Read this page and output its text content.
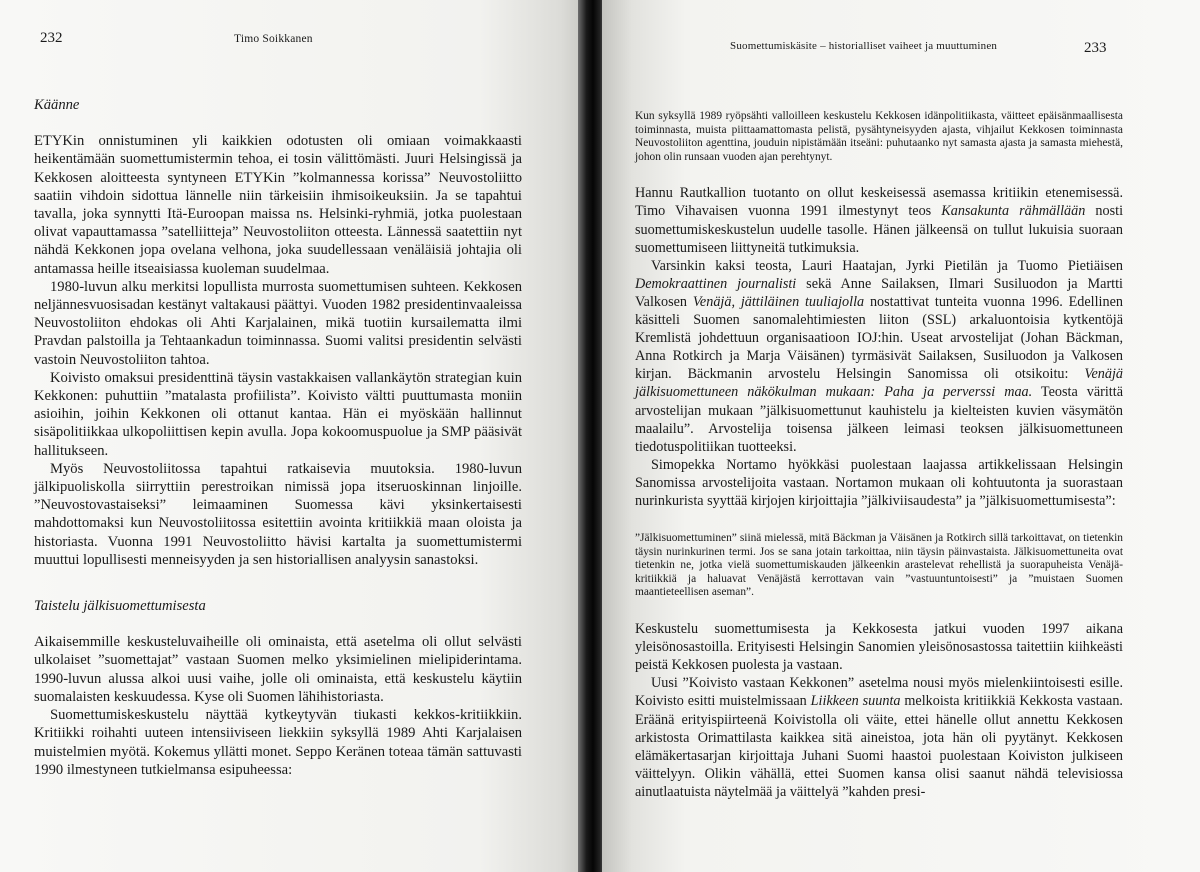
232	Timo Soikkanen
Käänne

ETYKin onnistuminen yli kaikkien odotusten oli omiaan voimakkaasti heikentämään suomettumistermin tehoa, ei tosin välittömästi. Juuri Helsingissä ja Kekkosen aloitteesta syntyneen ETYKin ”kolmannessa korissa” Neuvostoliitto saatiin vihdoin sidottua lännelle niin tärkeisiin ihmisoikeuksiin. Ja se tapahtui tavalla, joka synnytti Itä-Euroopan maissa ns. Helsinki-ryhmiä, jotka puolestaan olivat vapauttamassa ”satelliitteja” Neuvostoliiton otteesta. Lännessä saatettiin nyt nähdä Kekkonen jopa ovelana velhona, joka suudellessaan venäläisiä johtajia oli antamassa heille itseaisiassa kuoleman suudelmaa.

1980-luvun alku merkitsi lopullista murrosta suomettumisen suhteen. Kekkosen neljännesvuosisadan kestänyt valtakausi päättyi. Vuoden 1982 presidentinvaaleissa Neuvostoliiton ehdokas oli Ahti Karjalainen, mikä tuotiin kursailematta ilmi Pravdan palstoilla ja Tehtaankadun toiminnassa. Suomi valitsi presidentin selvästi vastoin Neuvostoliiton tahtoa.

Koivisto omaksui presidenttinä täysin vastakkaisen vallankäytön strategian kuin Kekkonen: puhuttiin ”matalasta profiilista”. Koivisto vältti puuttumasta moniin asioihin, joihin Kekkonen oli ottanut kantaa. Hän ei myöskään hallinnut sisäpolitiikkaa ulkopoliittisen kepin avulla. Jopa kokoomuspuolue ja SMP pääsivät hallitukseen.

Myös Neuvostoliitossa tapahtui ratkaisevia muutoksia. 1980-luvun jälkipuoliskolla siirryttiin perestroikan nimissä jopa itseruoskinnan linjoille. ”Neuvostovastaiseksi” leimaaminen Suomessa kävi yksinkertaisesti mahdottomaksi kun Neuvostoliitossa esitettiin avointa kritiikkiä maan oloista ja historiasta. Vuonna 1991 Neuvostoliitto hävisi kartalta ja suomettumistermi muuttui lopullisesti menneisyyden ja sen historiallisen analyysin sanastoksi.

Taistelu jälkisuomettumisesta

Aikaisemmille keskusteluvaiheille oli ominaista, että asetelma oli ollut selvästi ulkolaiset ”suomettajat” vastaan Suomen melko yksimielinen mielipiderintama. 1990-luvun alussa alkoi uusi vaihe, jolle oli ominaista, että keskustelu käytiin suomalaisten keskuudessa. Kyse oli Suomen lähihistoriasta.

Suomettumiskeskustelu näyttää kytkeytyvän tiukasti kekkos-kritiikkiin. Kritiikki roihahti uuteen intensiiviseen liekkiin syksyllä 1989 Ahti Karjalaisen muistelmien myötä. Kokemus yllätti monet. Seppo Keränen toteaa tämän sattuvasti 1990 ilmestyneen tutkielmansa esipuheessa:

Suomettumiskäsite – historialliset vaiheet ja muuttuminen	233

Kun syksyllä 1989 ryöpsähti valloilleen keskustelu Kekkosen idänpolitiikasta, väitteet epäisänmaallisesta toiminnasta, muista piittaamattomasta pelistä, pysähtyneisyyden ajasta, vihjailut Kekkosen toiminnasta Neuvostoliiton agenttina, jouduin nipistämään itseäni: puhutaanko nyt samasta ajasta ja samasta miehestä, johon olin runsaan vuoden ajan perehtynyt.

Hannu Rautkallion tuotanto on ollut keskeisessä asemassa kritiikin etenemisessä. Timo Vihavaisen vuonna 1991 ilmestynyt teos Kansakunta rähmällään nosti suomettumiskeskustelun uudelle tasolle. Hänen jälkeensä on tullut lukuisia suoraan suomettumiseen liittyneitä tutkimuksia.

Varsinkin kaksi teosta, Lauri Haatajan, Jyrki Pietilän ja Tuomo Pietiäisen Demokraattinen journalisti sekä Anne Sailaksen, Ilmari Susiluodon ja Martti Valkosen Venäjä, jättiläinen tuuliajolla nostattivat tunteita vuonna 1996. Edellinen käsitteli Suomen sanomalehtimiesten liiton (SSL) arkaluontoisia kytkentöjä Kremlistä johdettuun organisaatioon IOJ:hin. Useat arvostelijat (Johan Bäckman, Anna Rotkirch ja Marja Väisänen) tyrmäsivät Sailaksen, Susiluodon ja Valkosen kirjan. Bäckmanin arvostelu Helsingin Sanomissa oli otsikoitu: Venäjä jälkisuomettuneen näkökulman mukaan: Paha ja perverssi maa. Teosta värittä arvostelijan mukaan ”jälkisuomettunut kauhistelu ja kielteisten kuvien väsymätön maalailu”. Arvostelija toisensa jälkeen leimasi teoksen jälkisuomettuneen tiedotuspolitiikan tuotteeksi.

Simopekka Nortamo hyökkäsi puolestaan laajassa artikkelissaan Helsingin Sanomissa arvostelijoita vastaan. Nortamon mukaan oli kohtuutonta ja suorastaan nurinkurista syyttää kirjojen kirjoittajia ”jälkiviisaudesta” ja ”jälkisuomettumisesta”:

”Jälkisuomettuminen” siinä mielessä, mitä Bäckman ja Väisänen ja Rotkirch sillä tarkoittavat, on tietenkin täysin nurinkurinen termi. Jos se sana jotain tarkoittaa, niin täysin päinvastaista. Jälkisuomettuneita ovat tietenkin ne, jotka vielä suomettumiskauden jälkeenkin arastelevat rehellistä ja suorapuheista Venäjä-kritiikkiä ja haluavat Venäjästä kerrottavan vain ”vastuuntuntoisesti” ja ”muistaen Suomen maantieteellisen aseman”.

Keskustelu suomettumisesta ja Kekkosesta jatkui vuoden 1997 aikana yleisönosastoilla. Erityisesti Helsingin Sanomien yleisönosastossa taitettiin kiihkeästi peistä Kekkosen puolesta ja vastaan.

Uusi ”Koivisto vastaan Kekkonen” asetelma nousi myös mielenkiintoisesti esille. Koivisto esitti muistelmissaan Liikkeen suunta melkoista kritiikkiä Kekkosta vastaan. Eräänä erityispiirteenä Koivistolla oli väite, ettei hänelle ollut annettu Kekkosen arkistosta Orimattilasta kaikkea sitä aineistoa, jota hän oli pyytänyt. Kekkosen elämäkertasarjan kirjoittaja Juhani Suomi haastoi puolestaan Koiviston julkiseen väittelyyn. Olikin vähällä, ettei Suomen kansa olisi saanut nähdä televisiossa ainutlaatuista näytelmää ja väittelyä ”kahden presi-
